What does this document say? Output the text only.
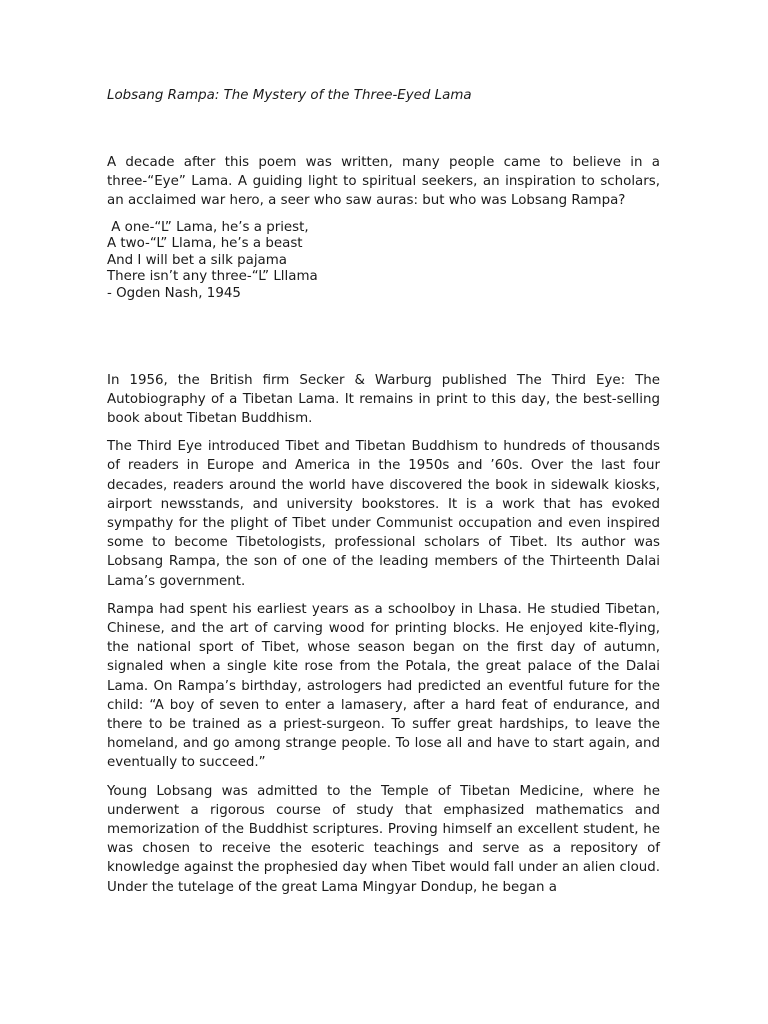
Lobsang Rampa: The Mystery of the Three-Eyed Lama

A decade after this poem was written, many people came to believe in a three-“Eye” Lama. A guiding light to spiritual seekers, an inspiration to scholars, an acclaimed war hero, a seer who saw auras: but who was Lobsang Rampa?

A one-“L” Lama, he’s a priest,
A two-“L” Llama, he’s a beast
And I will bet a silk pajama
There isn’t any three-“L” Lllama
- Ogden Nash, 1945

In 1956, the British firm Secker & Warburg published The Third Eye: The Autobiography of a Tibetan Lama. It remains in print to this day, the best-selling book about Tibetan Buddhism.

The Third Eye introduced Tibet and Tibetan Buddhism to hundreds of thousands of readers in Europe and America in the 1950s and ’60s. Over the last four decades, readers around the world have discovered the book in sidewalk kiosks, airport newsstands, and university bookstores. It is a work that has evoked sympathy for the plight of Tibet under Communist occupation and even inspired some to become Tibetologists, professional scholars of Tibet. Its author was Lobsang Rampa, the son of one of the leading members of the Thirteenth Dalai Lama’s government.

Rampa had spent his earliest years as a schoolboy in Lhasa. He studied Tibetan, Chinese, and the art of carving wood for printing blocks. He enjoyed kite-flying, the national sport of Tibet, whose season began on the first day of autumn, signaled when a single kite rose from the Potala, the great palace of the Dalai Lama. On Rampa’s birthday, astrologers had predicted an eventful future for the child: “A boy of seven to enter a lamasery, after a hard feat of endurance, and there to be trained as a priest-surgeon. To suffer great hardships, to leave the homeland, and go among strange people. To lose all and have to start again, and eventually to succeed.”

Young Lobsang was admitted to the Temple of Tibetan Medicine, where he underwent a rigorous course of study that emphasized mathematics and memorization of the Buddhist scriptures. Proving himself an excellent student, he was chosen to receive the esoteric teachings and serve as a repository of knowledge against the prophesied day when Tibet would fall under an alien cloud. Under the tutelage of the great Lama Mingyar Dondup, he began a
